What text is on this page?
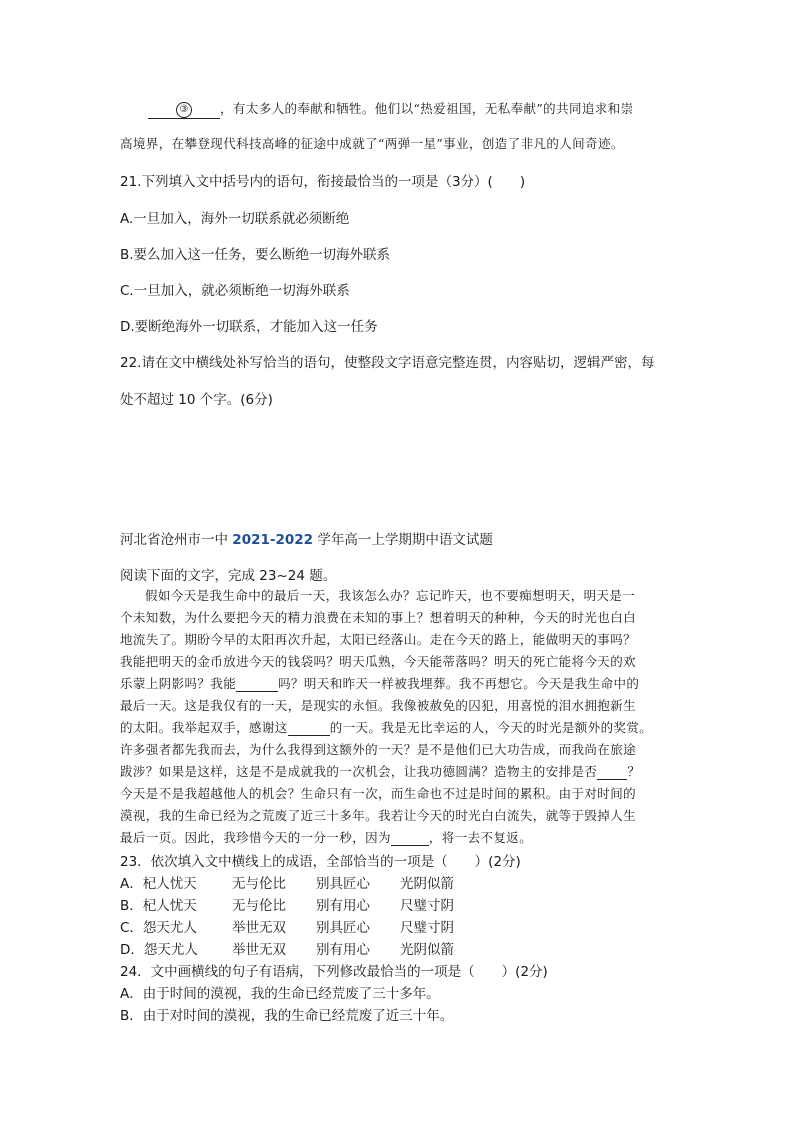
③	，有太多人的奉献和牺牲。他们以“热爱祖国，无私奉献”的共同追求和崇
高境界，在攀登现代科技高峰的征途中成就了“两弹一星”事业，创造了非凡的人间奇迹。
21.下列填入文中括号内的语句，衔接最恰当的一项是（3分）(　　)
A.一旦加入，海外一切联系就必须断绝
B.要么加入这一任务，要么断绝一切海外联系
C.一旦加入，就必须断绝一切海外联系
D.要断绝海外一切联系，才能加入这一任务
22.请在文中横线处补写恰当的语句，使整段文字语意完整连贯，内容贴切，逻辑严密，每
处不超过 10 个字。(6分)
河北省沧州市一中 2021-2022 学年高一上学期期中语文试题
阅读下面的文字，完成 23~24 题。
假如今天是我生命中的最后一天，我该怎么办？忘记昨天，也不要痴想明天，明天是一
个未知数，为什么要把今天的精力浪费在未知的事上？想着明天的种种，今天的时光也白白
地流失了。期盼今早的太阳再次升起，太阳已经落山。走在今天的路上，能做明天的事吗？
我能把明天的金币放进今天的钱袋吗？明天瓜熟，今天能蒂落吗？明天的死亡能将今天的欢
乐蒙上阴影吗？我能	吗？明天和昨天一样被我埋葬。我不再想它。今天是我生命中的
最后一天。这是我仅有的一天，是现实的永恒。我像被赦免的囚犯，用喜悦的泪水拥抱新生
的太阳。我举起双手，感谢这	的一天。我是无比幸运的人，今天的时光是额外的奖赏。
许多强者都先我而去，为什么我得到这额外的一天？是不是他们已大功告成，而我尚在旅途
跋涉？如果是这样，这是不是成就我的一次机会，让我功德圆满？造物主的安排是否 ？
今天是不是我超越他人的机会？生命只有一次，而生命也不过是时间的累积。由于对时间的
漠视，我的生命已经为之荒废了近三十多年。我若让今天的时光白白流失，就等于毁掉人生
最后一页。因此，我珍惜今天的一分一秒，因为	，将一去不复返。
23．依次填入文中横线上的成语，全部恰当的一项是（　　）(2分)
A．杞人忧天	无与伦比 别具匠心 光阴似箭
B．杞人忧天	无与伦比 别有用心 尺璧寸阴
C．怨天尤人	举世无双 别具匠心 尺璧寸阴
D．怨天尤人	举世无双 别有用心 光阴似箭
24．文中画横线的句子有语病，下列修改最恰当的一项是（　　）(2分)
A．由于时间的漠视，我的生命已经荒废了三十多年。
B．由于对时间的漠视，我的生命已经荒废了近三十年。
